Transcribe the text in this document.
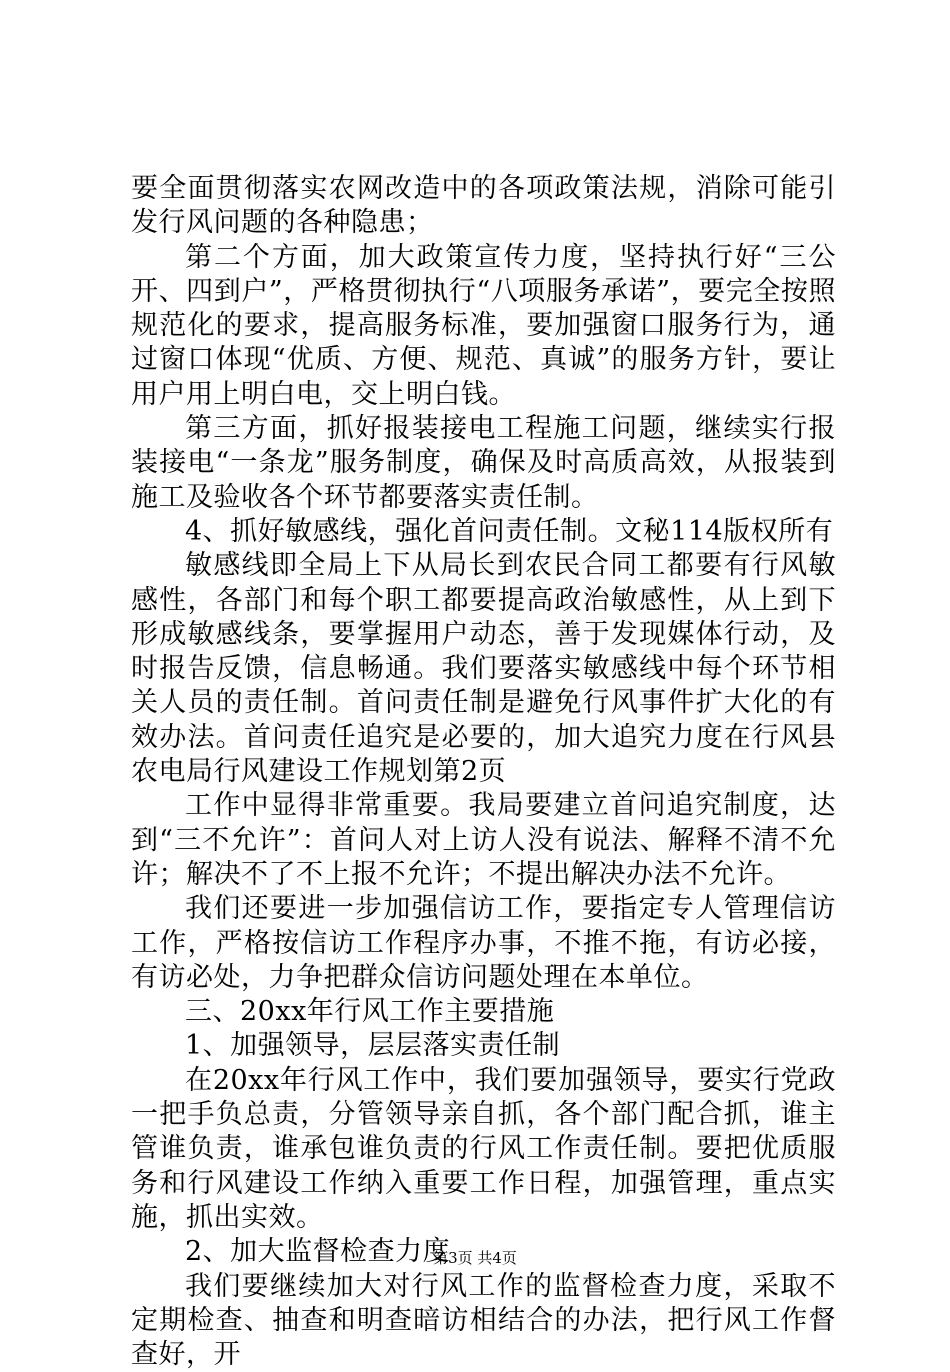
要全面贯彻落实农网改造中的各项政策法规，消除可能引发行风问题的各种隐患；

第二个方面，加大政策宣传力度，坚持执行好“三公开、四到户”，严格贯彻执行“八项服务承诺”，要完全按照规范化的要求，提高服务标准，要加强窗口服务行为，通过窗口体现“优质、方便、规范、真诚”的服务方针，要让用户用上明白电，交上明白钱。

第三方面，抓好报装接电工程施工问题，继续实行报装接电“一条龙”服务制度，确保及时高质高效，从报装到施工及验收各个环节都要落实责任制。

4、抓好敏感线，强化首问责任制。文秘114版权所有

敏感线即全局上下从局长到农民合同工都要有行风敏感性，各部门和每个职工都要提高政治敏感性，从上到下形成敏感线条，要掌握用户动态，善于发现媒体行动，及时报告反馈，信息畅通。我们要落实敏感线中每个环节相关人员的责任制。首问责任制是避免行风事件扩大化的有效办法。首问责任追究是必要的，加大追究力度在行风县农电局行风建设工作规划第2页

工作中显得非常重要。我局要建立首问追究制度，达到“三不允许”：首问人对上访人没有说法、解释不清不允许；解决不了不上报不允许；不提出解决办法不允许。

我们还要进一步加强信访工作，要指定专人管理信访工作，严格按信访工作程序办事，不推不拖，有访必接，有访必处，力争把群众信访问题处理在本单位。

三、20xx年行风工作主要措施

1、加强领导，层层落实责任制

在20xx年行风工作中，我们要加强领导，要实行党政一把手负总责，分管领导亲自抓，各个部门配合抓，谁主管谁负责，谁承包谁负责的行风工作责任制。要把优质服务和行风建设工作纳入重要工作日程，加强管理，重点实施，抓出实效。

2、加大监督检查力度

我们要继续加大对行风工作的监督检查力度，采取不定期检查、抽查和明查暗访相结合的办法，把行风工作督查好，开

第3页 共4页
